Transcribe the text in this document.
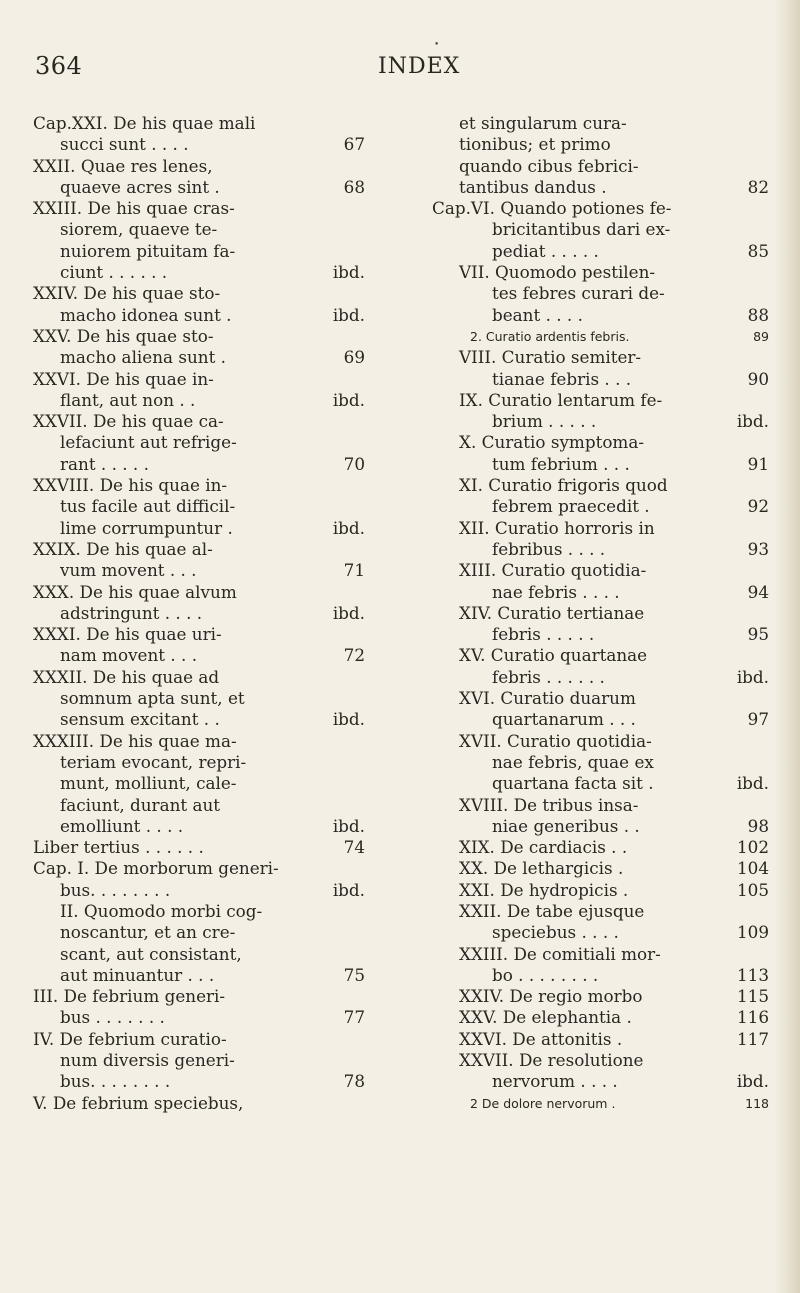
364
•
INDEX
Cap.XXI. De his quae mali
succi sunt . . . .	67
XXII. Quae res lenes,
quaeve acres sint .	68
XXIII. De his quae cras-
siorem, quaeve te-
nuiorem pituitam fa-
ciunt . . . . . .	ibd.
XXIV. De his quae sto-
macho idonea sunt .	ibd.
XXV. De his quae sto-
macho aliena sunt .	69
XXVI. De his quae in-
flant, aut non . .	ibd.
XXVII. De his quae ca-
lefaciunt aut refrige-
rant . . . . .	70
XXVIII. De his quae in-
tus facile aut difficil-
lime corrumpuntur .	ibd.
XXIX. De his quae al-
vum movent . . .	71
XXX. De his quae alvum
adstringunt . . . .	ibd.
XXXI. De his quae uri-
nam movent . . .	72
XXXII. De his quae ad
somnum apta sunt, et
sensum excitant . .	ibd.
XXXIII. De his quae ma-
teriam evocant, repri-
munt, molliunt, cale-
faciunt, durant aut
emolliunt . . . .	ibd.
Liber tertius . . . . . .	74
Cap. I. De morborum generi-
bus. . . . . . . .	ibd.
II. Quomodo morbi cog-
noscantur, et an cre-
scant, aut consistant,
aut minuantur . . .	75
III. De febrium generi-
bus . . . . . . .	77
IV. De febrium curatio-
num diversis generi-
bus. . . . . . . .	78
V. De febrium speciebus,
et singularum cura-
tionibus; et primo
quando cibus febrici-
tantibus dandus .	82
Cap.VI. Quando potiones fe-
bricitantibus dari ex-
pediat . . . . .	85
VII. Quomodo pestilen-
tes febres curari de-
beant . . . .	88
2. Curatio ardentis febris.	89
VIII. Curatio semiter-
tianae febris . . .	90
IX. Curatio lentarum fe-
brium . . . . .	ibd.
X. Curatio symptoma-
tum febrium . . .	91
XI. Curatio frigoris quod
febrem praecedit .	92
XII. Curatio horroris in
febribus . . . .	93
XIII. Curatio quotidia-
nae febris . . . .	94
XIV. Curatio tertianae
febris . . . . .	95
XV. Curatio quartanae
febris . . . . . .	ibd.
XVI. Curatio duarum
quartanarum . . .	97
XVII. Curatio quotidia-
nae febris, quae ex
quartana facta sit .	ibd.
XVIII. De tribus insa-
niae generibus . .	98
XIX. De cardiacis . .	102
XX. De lethargicis .	104
XXI. De hydropicis .	105
XXII. De tabe ejusque
speciebus . . . .	109
XXIII. De comitiali mor-
bo . . . . . . . .	113
XXIV. De regio morbo	115
XXV. De elephantia .	116
XXVI. De attonitis .	117
XXVII. De resolutione
nervorum . . . .	ibd.
2 De dolore nervorum .	118
